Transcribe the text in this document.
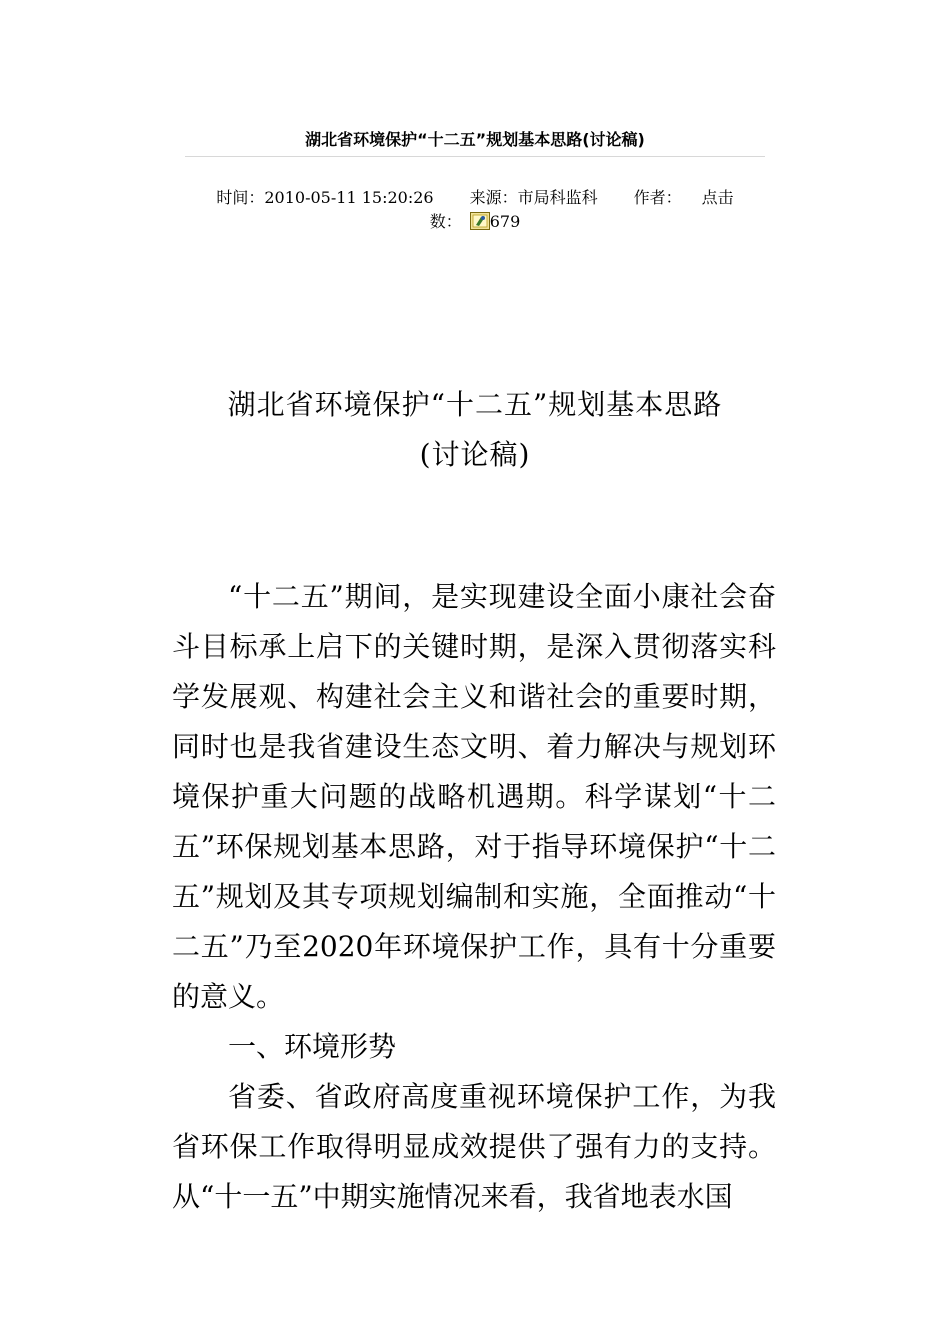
湖北省环境保护“十二五”规划基本思路(讨论稿)
时间：2010-05-11 15:20:26 来源：市局科监科 作者： 点击
数： 679
湖北省环境保护“十二五”规划基本思路
(讨论稿)

“十二五”期间，是实现建设全面小康社会奋斗目标承上启下的关键时期，是深入贯彻落实科学发展观、构建社会主义和谐社会的重要时期，同时也是我省建设生态文明、着力解决与规划环境保护重大问题的战略机遇期。科学谋划“十二五”环保规划基本思路，对于指导环境保护“十二五”规划及其专项规划编制和实施，全面推动“十二五”乃至2020年环境保护工作，具有十分重要的意义。

一、环境形势

省委、省政府高度重视环境保护工作，为我省环保工作取得明显成效提供了强有力的支持。从“十一五”中期实施情况来看，我省地表水国
